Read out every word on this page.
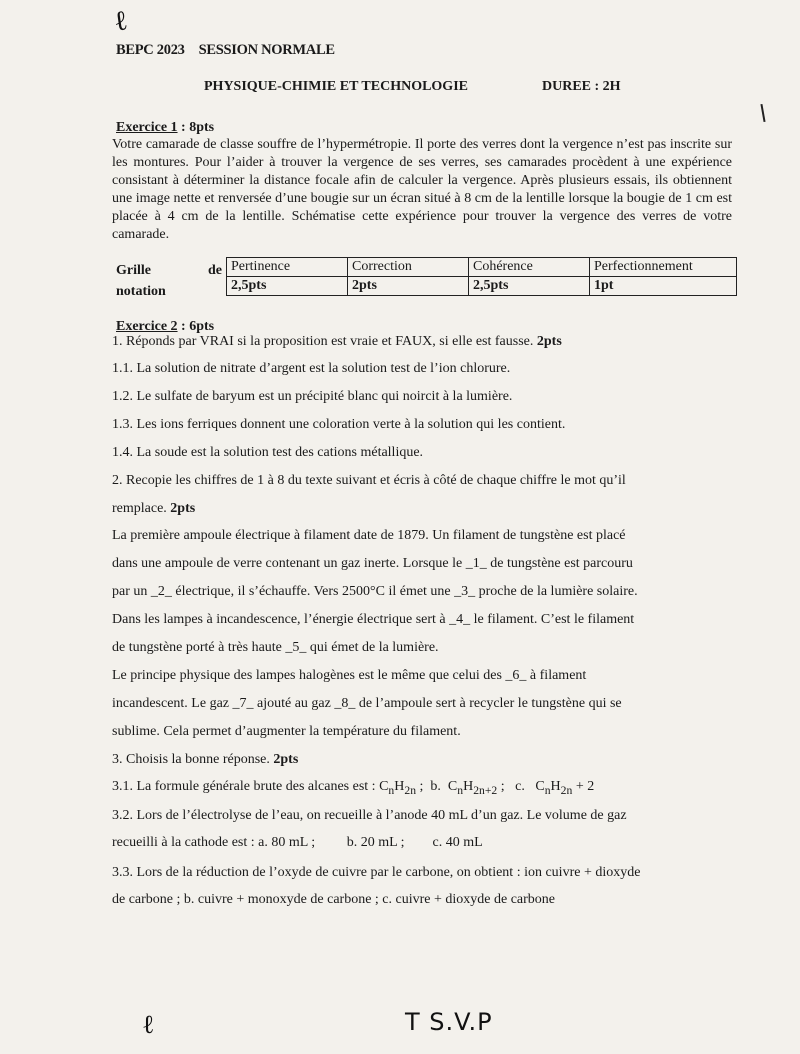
ℓ
BEPC 2023 SESSION NORMALE
PHYSIQUE-CHIMIE ET TECHNOLOGIE	DUREE : 2H
Exercice 1 : 8pts
Votre camarade de classe souffre de l’hypermétropie. Il porte des verres dont la vergence n’est pas inscrite sur les montures. Pour l’aider à trouver la vergence de ses verres, ses camarades procèdent à une expérience consistant à déterminer la distance focale afin de calculer la vergence. Après plusieurs essais, ils obtiennent une image nette et renversée d’une bougie sur un écran situé à 8 cm de la lentille lorsque la bougie de 1 cm est placée à 4 cm de la lentille. Schématise cette expérience pour trouver la vergence des verres de votre camarade.
Grille	de
notation
Pertinence	Correction	Cohérence	Perfectionnement
2,5pts	2pts	2,5pts	1pt
Exercice 2 : 6pts
1. Réponds par VRAI si la proposition est vraie et FAUX, si elle est fausse. 2pts
1.1. La solution de nitrate d’argent est la solution test de l’ion chlorure.
1.2. Le sulfate de baryum est un précipité blanc qui noircit à la lumière.
1.3. Les ions ferriques donnent une coloration verte à la solution qui les contient.
1.4. La soude est la solution test des cations métallique.
2. Recopie les chiffres de 1 à 8 du texte suivant et écris à côté de chaque chiffre le mot qu’il
remplace. 2pts
La première ampoule électrique à filament date de 1879. Un filament de tungstène est placé
dans une ampoule de verre contenant un gaz inerte. Lorsque le _1_ de tungstène est parcouru
par un _2_ électrique, il s’échauffe. Vers 2500°C il émet une _3_ proche de la lumière solaire.
Dans les lampes à incandescence, l’énergie électrique sert à _4_ le filament. C’est le filament
de tungstène porté à très haute _5_ qui émet de la lumière.
Le principe physique des lampes halogènes est le même que celui des _6_ à filament
incandescent. Le gaz _7_ ajouté au gaz _8_ de l’ampoule sert à recycler le tungstène qui se
sublime. Cela permet d’augmenter la température du filament.
3. Choisis la bonne réponse. 2pts
3.1. La formule générale brute des alcanes est : $C_nH_{2n}$ ;  b. $C_nH_{2n+2}$ ;   c. $C_nH_{2n} + 2$
3.2. Lors de l’électrolyse de l’eau, on recueille à l’anode 40 mL d’un gaz. Le volume de gaz
recueilli à la cathode est : a. 80 mL ; b. 20 mL ; c. 40 mL
3.3. Lors de la réduction de l’oxyde de cuivre par le carbone, on obtient : ion cuivre + dioxyde
de carbone ; b. cuivre + monoxyde de carbone ; c. cuivre + dioxyde de carbone
ℓ	T S.V.P
